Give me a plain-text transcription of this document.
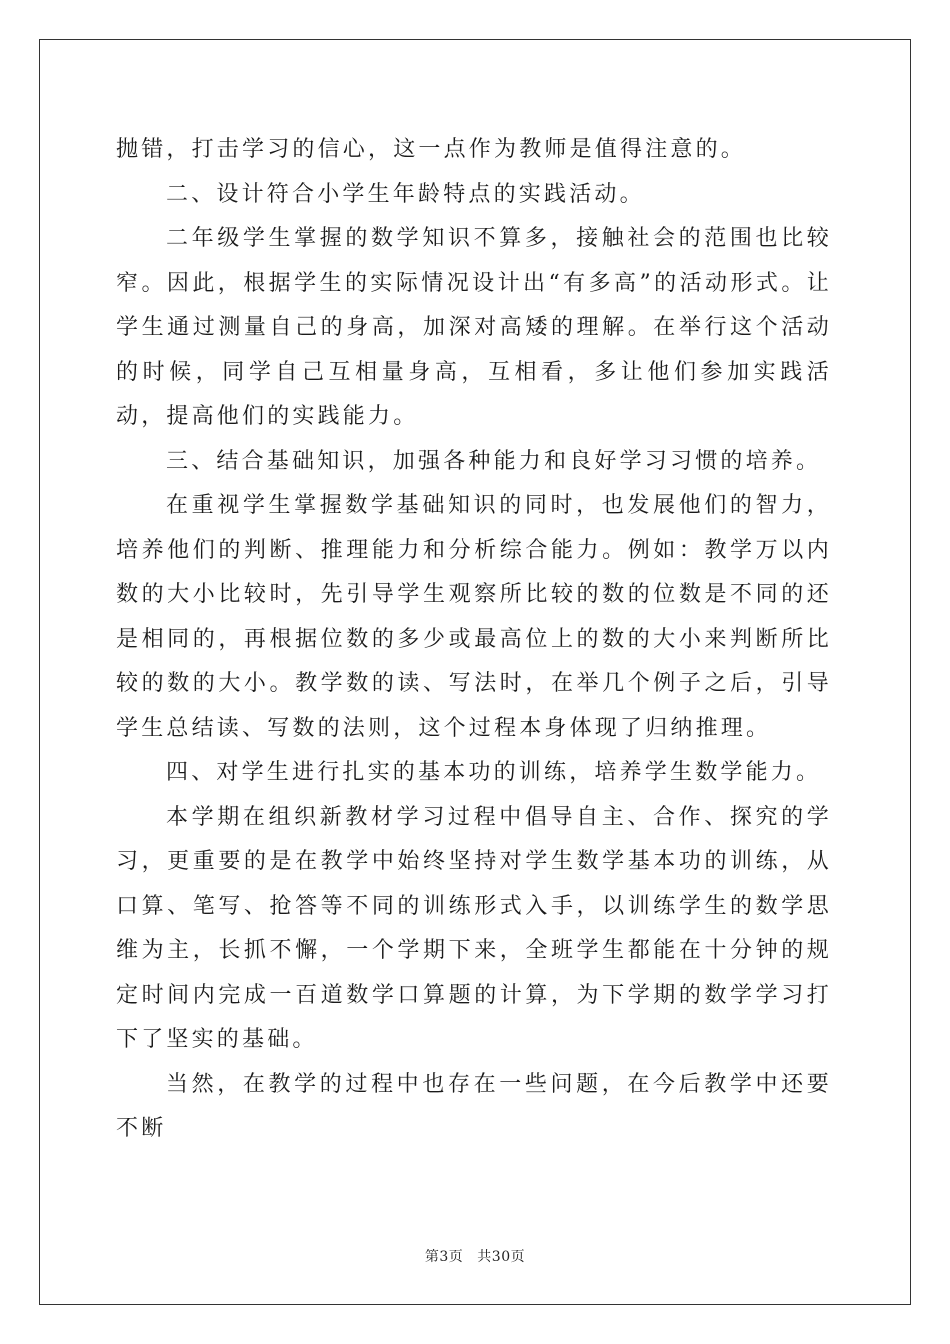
抛错，打击学习的信心，这一点作为教师是值得注意的。

二、设计符合小学生年龄特点的实践活动。

二年级学生掌握的数学知识不算多，接触社会的范围也比较窄。因此，根据学生的实际情况设计出“有多高”的活动形式。让学生通过测量自己的身高，加深对高矮的理解。在举行这个活动的时候，同学自己互相量身高，互相看，多让他们参加实践活动，提高他们的实践能力。

三、结合基础知识，加强各种能力和良好学习习惯的培养。

在重视学生掌握数学基础知识的同时，也发展他们的智力，培养他们的判断、推理能力和分析综合能力。例如：教学万以内数的大小比较时，先引导学生观察所比较的数的位数是不同的还是相同的，再根据位数的多少或最高位上的数的大小来判断所比较的数的大小。教学数的读、写法时，在举几个例子之后，引导学生总结读、写数的法则，这个过程本身体现了归纳推理。

四、对学生进行扎实的基本功的训练，培养学生数学能力。

本学期在组织新教材学习过程中倡导自主、合作、探究的学习，更重要的是在教学中始终坚持对学生数学基本功的训练，从口算、笔写、抢答等不同的训练形式入手，以训练学生的数学思维为主，长抓不懈，一个学期下来，全班学生都能在十分钟的规定时间内完成一百道数学口算题的计算，为下学期的数学学习打下了坚实的基础。

当然，在教学的过程中也存在一些问题，在今后教学中还要不断

第3页 共30页
